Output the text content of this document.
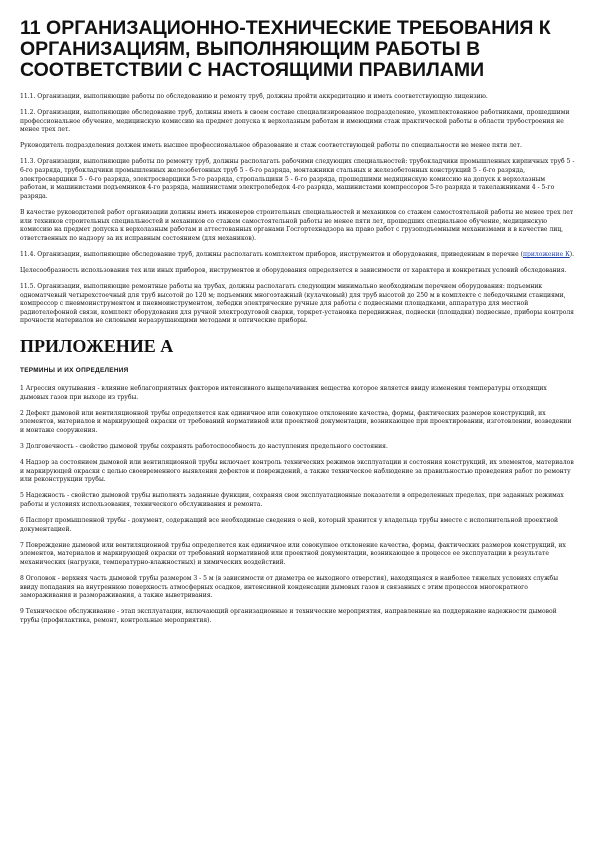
11 ОРГАНИЗАЦИОННО-ТЕХНИЧЕСКИЕ ТРЕБОВАНИЯ К ОРГАНИЗАЦИЯМ, ВЫПОЛНЯЮЩИМ РАБОТЫ В СООТВЕТСТВИИ С НАСТОЯЩИМИ ПРАВИЛАМИ

11.1. Организации, выполняющие работы по обследованию и ремонту труб, должны пройти аккредитацию и иметь соответствующую лицензию.

11.2. Организации, выполняющие обследование труб, должны иметь в своем составе специализированное подразделение, укомплектованное работниками, прошедшими профессиональное обучение, медицинскую комиссию на предмет допуска к верхолазным работам и имеющими стаж практической работы в области трубостроения не менее трех лет.

Руководитель подразделения должен иметь высшее профессиональное образование и стаж соответствующей работы по специальности не менее пяти лет.

11.3. Организации, выполняющие работы по ремонту труб, должны располагать рабочими следующих специальностей: трубокладчики промышленных кирпичных труб 5 - 6-го разряда, трубокладчики промышленных железобетонных труб 5 - 6-го разряда, монтажники стальных и железобетонных конструкций 5 - 6-го разряда, электросварщики 5 - 6-го разряда, электросварщики 5-го разряда, стропальщики 5 - 6-го разряда, прошедшими медицинскую комиссию на допуск к верхолазным работам, и машинистами подъемников 4-го разряда, машинистами электролебедок 4-го разряда, машинистами компрессоров 5-го разряда и такелажниками 4 - 5-го разряда.

В качестве руководителей работ организации должны иметь инженеров строительных специальностей и механиков со стажем самостоятельной работы не менее трех лет или техников строительных специальностей и механиков со стажем самостоятельной работы не менее пяти лет, прошедших специальное обучение, медицинскую комиссию на предмет допуска к верхолазным работам и аттестованных органами Госгортехнадзора на право работ с грузоподъемными механизмами и в качестве лиц, ответственных по надзору за их исправным состоянием (для механиков).

11.4. Организации, выполняющие обследование труб, должны располагать комплектом приборов, инструментов и оборудования, приведенным в перечне (приложение К).

Целесообразность использования тех или иных приборов, инструментов и оборудования определяется в зависимости от характера и конкретных условий обследования.

11.5. Организации, выполняющие ремонтные работы на трубах, должны располагать следующим минимально необходимым перечнем оборудования: подъемник одноматчевый четырехстоечный для труб высотой до 120 м; подъемник многоэтажный (кулачковый) для труб высотой до 250 м в комплекте с лебедочными станциями, компрессор с пневмоинструментом и пневмоинструментом, лебедки электрические ручные для работы с подвесными площадками, аппаратура для местной радиотелефонной связи, комплект оборудования для ручной электродуговой сварки, торкрет-установка передвижная, подвески (площадки) подвесные, приборы контроля прочности материалов не силовыми неразрушающими методами и оптические приборы.

ПРИЛОЖЕНИЕ А
ТЕРМИНЫ И ИХ ОПРЕДЕЛЕНИЯ

1 Агрессия окутывания - влияние неблагоприятных факторов интенсивного выщелачивания вещества которое является ввиду изменения температуры отходящих дымовых газов при выходе из трубы.

2 Дефект дымовой или вентиляционной трубы определяется как единичное или совокупное отклонение качества, формы, фактических размеров конструкций, их элементов, материалов и маркирующей окраски от требований нормативной или проектной документации, возникающее при проектировании, изготовлении, возведении и монтаже сооружения.

3 Долговечность - свойство дымовой трубы сохранять работоспособность до наступления предельного состояния.

4 Надзор за состоянием дымовой или вентиляционной трубы включает контроль технических режимов эксплуатации и состояния конструкций, их элементов, материалов и маркирующей окраски с целью своевременного выявления дефектов и повреждений, а также техническое наблюдение за правильностью проведения работ по ремонту или реконструкции трубы.

5 Надежность - свойство дымовой трубы выполнять заданные функции, сохраняя свои эксплуатационные показатели в определенных пределах, при заданных режимах работы и условиях использования, технического обслуживания и ремонта.

6 Паспорт промышленной трубы - документ, содержащий все необходимые сведения о ней, который хранится у владельца трубы вместе с исполнительной проектной документацией.

7 Повреждение дымовой или вентиляционной трубы определяется как единичное или совокупное отклонение качества, формы, фактических размеров конструкций, их элементов, материалов и маркирующей окраски от требований нормативной или проектной документации, возникающее в процессе ее эксплуатации в результате механических (нагрузки, температурно-влажностных) и химических воздействий.

8 Оголовок - верхняя часть дымовой трубы размером 3 - 5 м (в зависимости от диаметра ее выходного отверстия), находящаяся в наиболее тяжелых условиях службы ввиду попадания на внутреннюю поверхность атмосферных осадков, интенсивной конденсации дымовых газов и связанных с этим процессов многократного замораживания и размораживания, а также выветривания.

9 Техническое обслуживание - этап эксплуатации, включающий организационные и технические мероприятия, направленные на поддержание надежности дымовой трубы (профилактика, ремонт, контрольные мероприятия).
